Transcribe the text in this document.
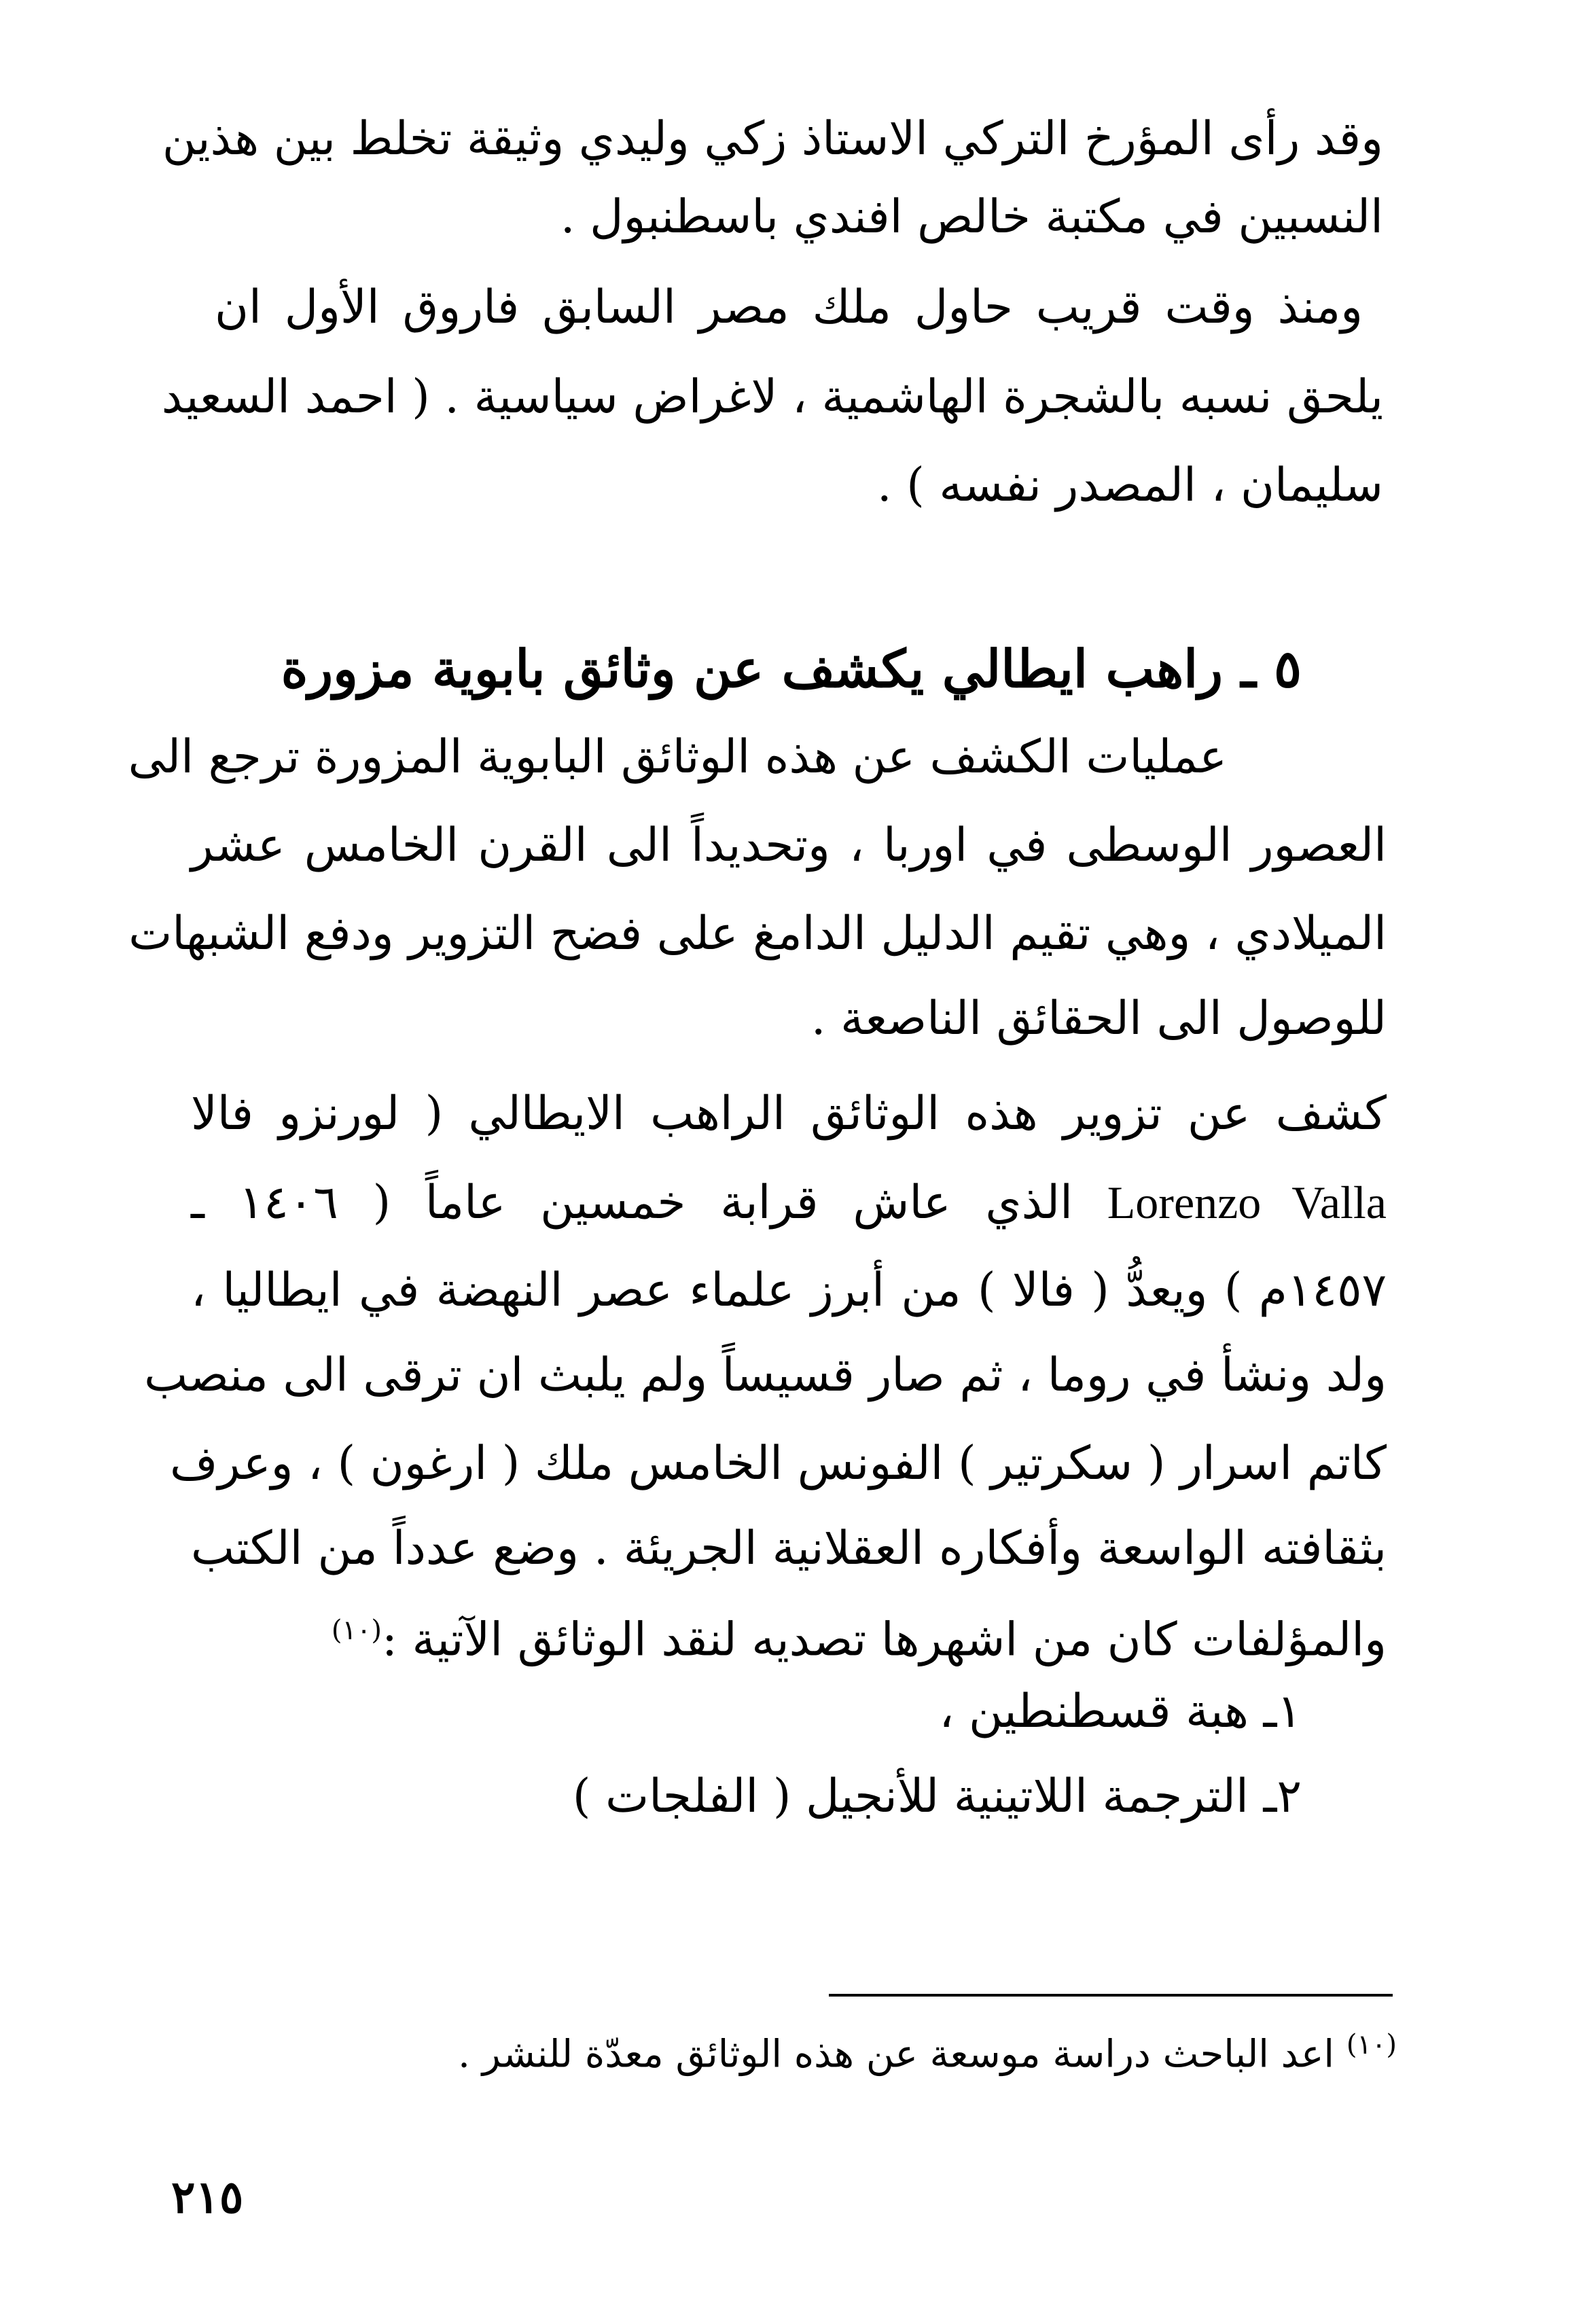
وقد رأى المؤرخ التركي الاستاذ زكي وليدي وثيقة تخلط بين هذين
النسبين في مكتبة خالص افندي باسطنبول .
ومنذ وقت قريب حاول ملك مصر السابق فاروق الأول ان
يلحق نسبه بالشجرة الهاشمية ، لاغراض سياسية . ( احمد السعيد
سليمان ، المصدر نفسه ) .
٥ ـ راهب ايطالي يكشف عن وثائق بابوية مزورة
عمليات الكشف عن هذه الوثائق البابوية المزورة ترجع الى
العصور الوسطى في اوربا ، وتحديداً الى القرن الخامس عشر
الميلادي ، وهي تقيم الدليل الدامغ على فضح التزوير ودفع الشبهات
للوصول الى الحقائق الناصعة .
كشف عن تزوير هذه الوثائق الراهب الايطالي ( لورنزو فالا
Lorenzo Valla الذي عاش قرابة خمسين عاماً ( ١٤٠٦ ـ
١٤٥٧م ) ويعدُّ ( فالا ) من أبرز علماء عصر النهضة في ايطاليا ،
ولد ونشأ في روما ، ثم صار قسيساً ولم يلبث ان ترقى الى منصب
كاتم اسرار ( سكرتير ) الفونس الخامس ملك ( ارغون ) ، وعرف
بثقافته الواسعة وأفكاره العقلانية الجريئة . وضع عدداً من الكتب
والمؤلفات كان من اشهرها تصديه لنقد الوثائق الآتية :$^{(١٠)}$
١ـ هبة قسطنطين ،
٢ـ الترجمة اللاتينية للأنجيل ( الفلجات )
$^{(١٠)}$ اعد الباحث دراسة موسعة عن هذه الوثائق معدّة للنشر .
٢١٥
